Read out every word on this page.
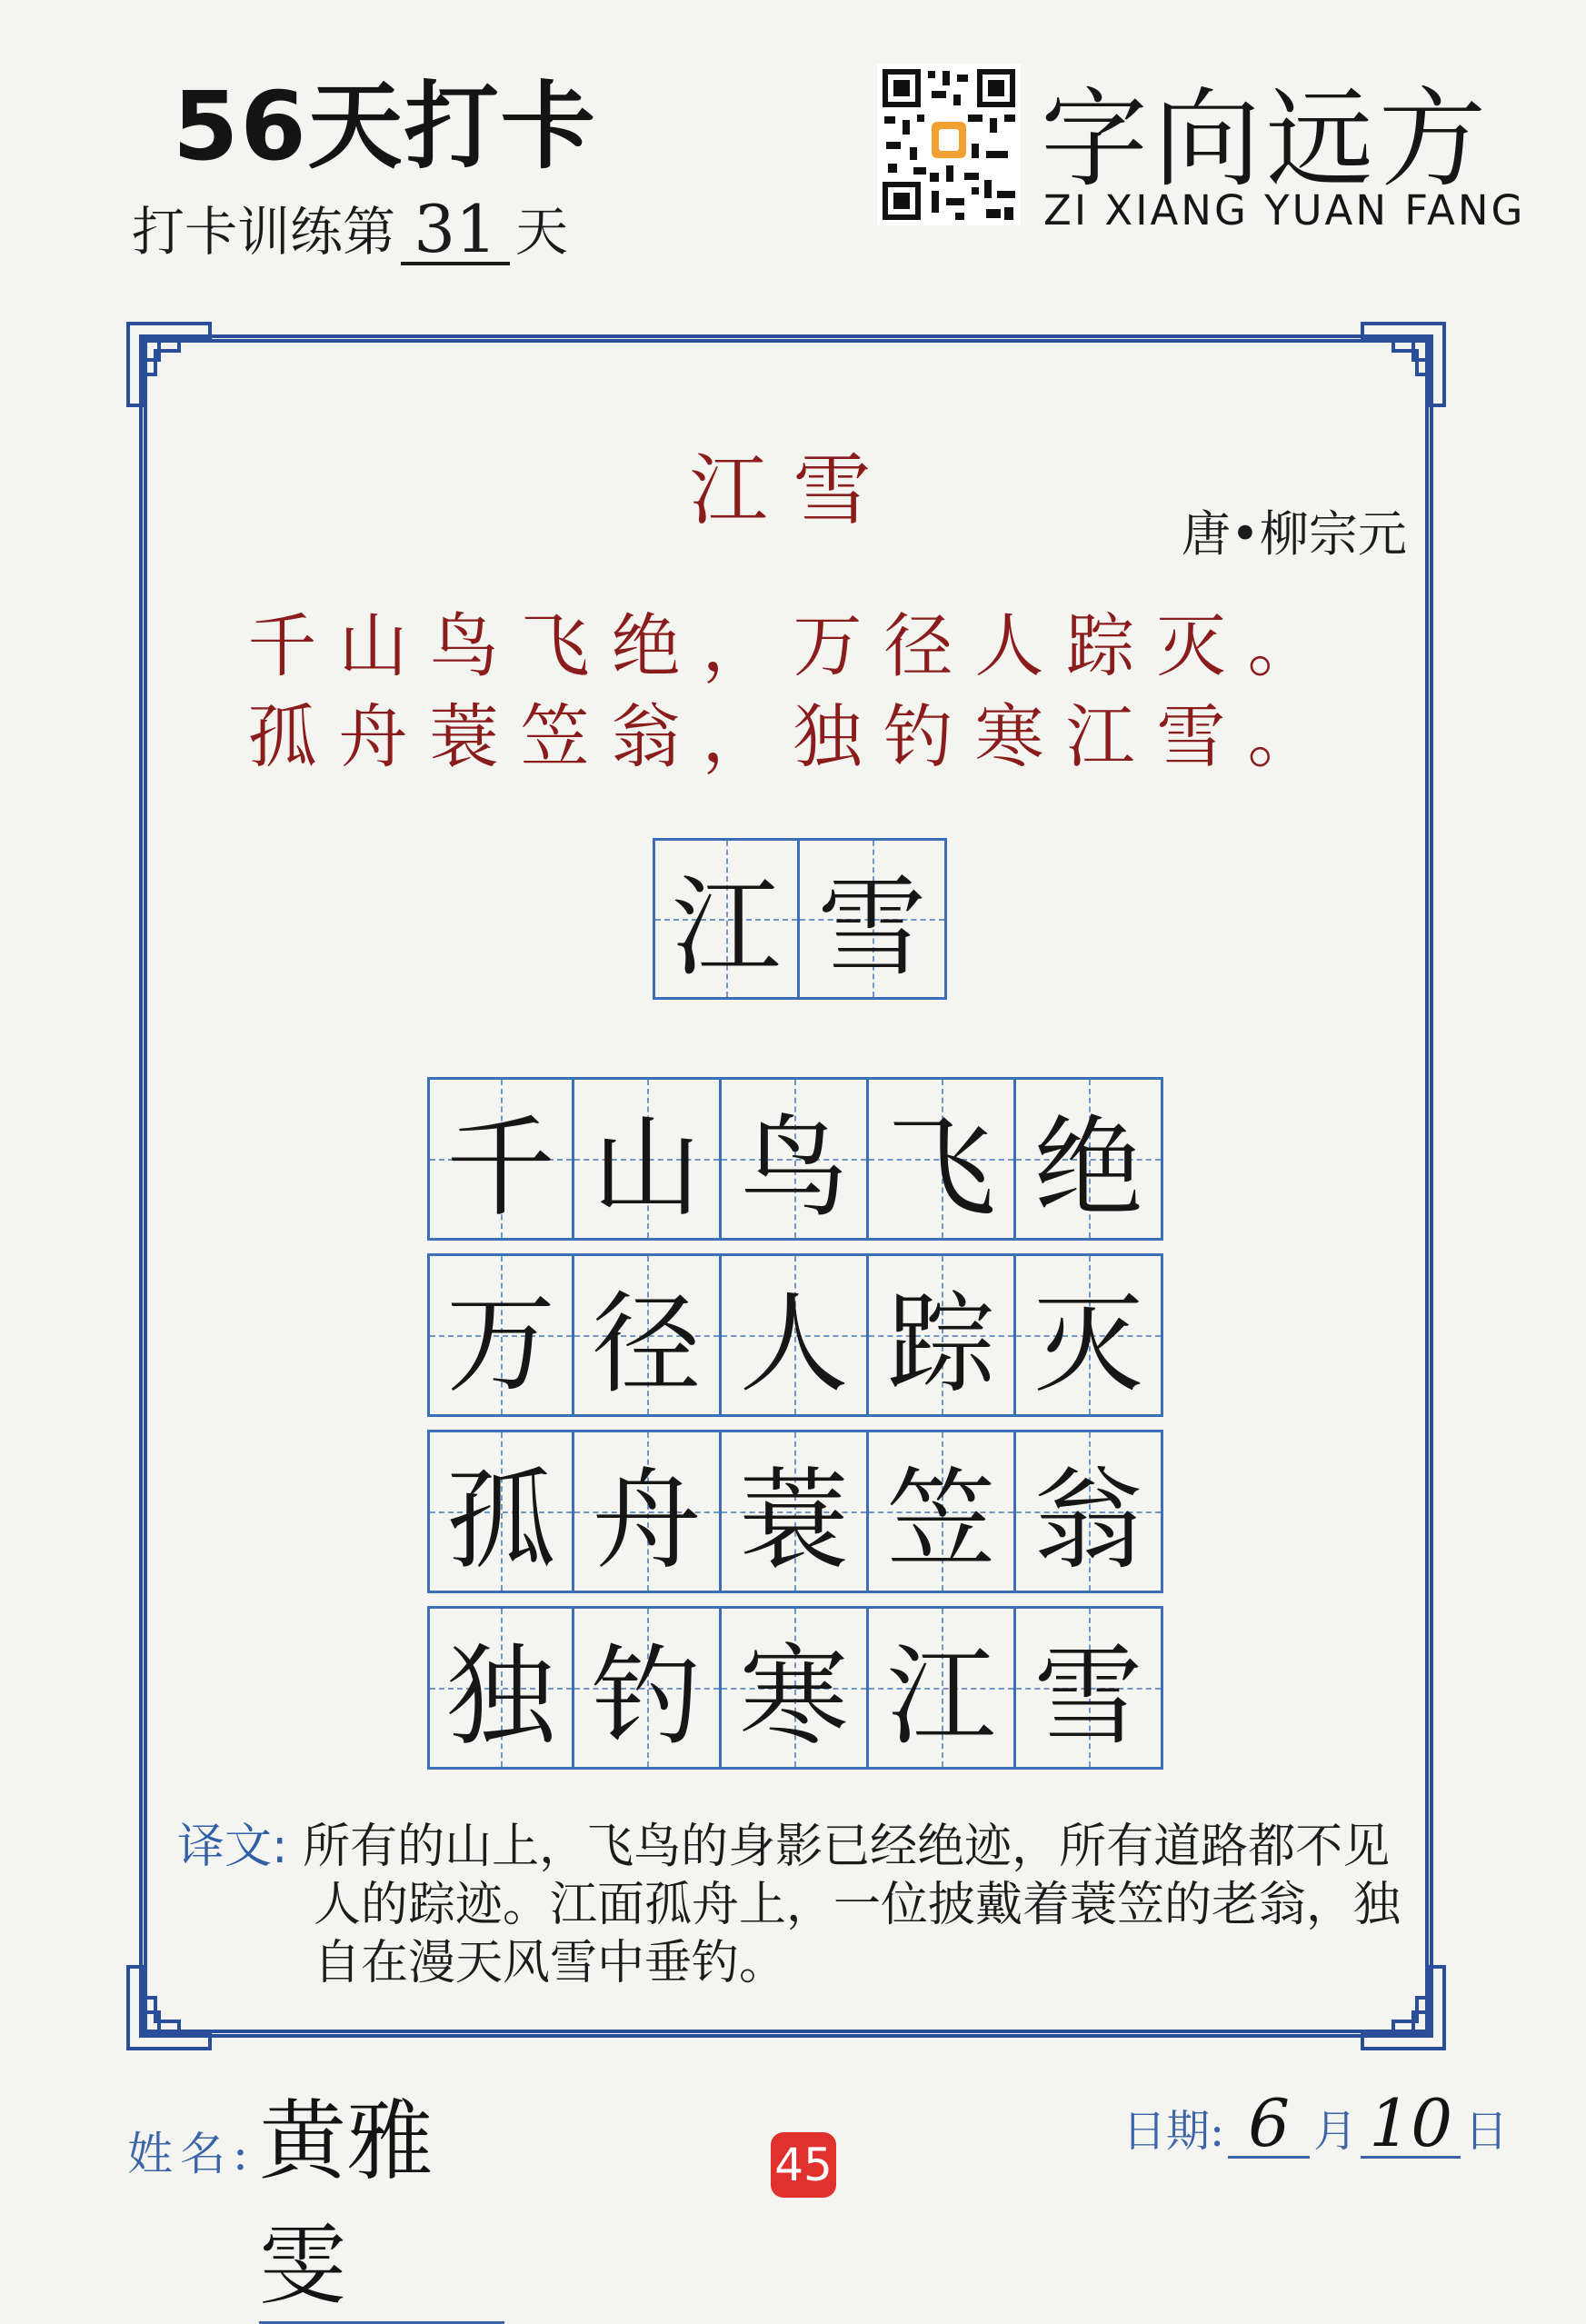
56天打卡
打卡训练第 31 天
字向远方
ZI XIANG YUAN FANG
江雪	唐•柳宗元
千山鸟飞绝，万径人踪灭。
孤舟蓑笠翁，独钓寒江雪。
江 雪
千 山 鸟 飞 绝
万 径 人 踪 灭
孤 舟 蓑 笠 翁
独 钓 寒 江 雪
译文: 所有的山上，飞鸟的身影已经绝迹，所有道路都不见
人的踪迹。江面孤舟上，一位披戴着蓑笠的老翁，独
自在漫天风雪中垂钓。
姓名: 黄雅雯
45
日期: 6 月 10 日
